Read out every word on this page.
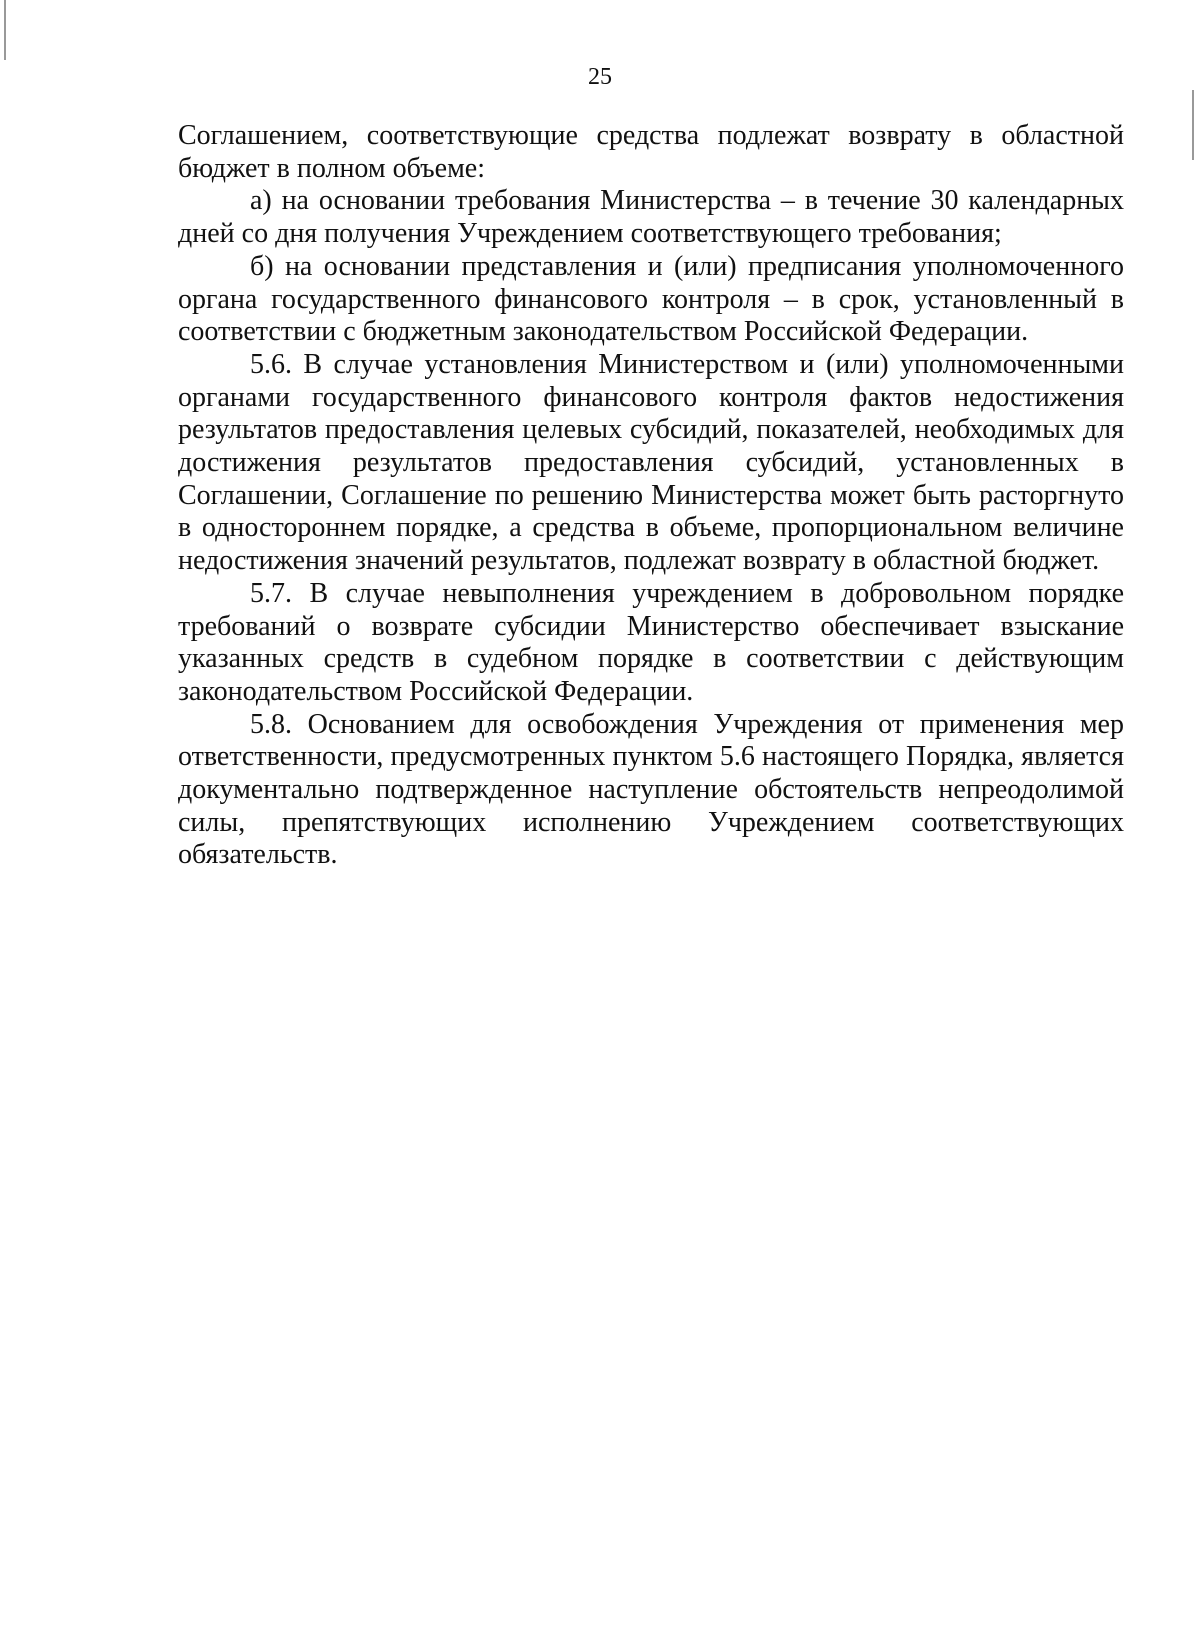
25

Соглашением, соответствующие средства подлежат возврату в областной бюджет в полном объеме:

а) на основании требования Министерства – в течение 30 календарных дней со дня получения Учреждением соответствующего требования;

б) на основании представления и (или) предписания уполномоченного органа государственного финансового контроля – в срок, установленный в соответствии с бюджетным законодательством Российской Федерации.

5.6. В случае установления Министерством и (или) уполномоченными органами государственного финансового контроля фактов недостижения результатов предоставления целевых субсидий, показателей, необходимых для достижения результатов предоставления субсидий, установленных в Соглашении, Соглашение по решению Министерства может быть расторгнуто в одностороннем порядке, а средства в объеме, пропорциональном величине недостижения значений результатов, подлежат возврату в областной бюджет.

5.7. В случае невыполнения учреждением в добровольном порядке требований о возврате субсидии Министерство обеспечивает взыскание указанных средств в судебном порядке в соответствии с действующим законодательством Российской Федерации.

5.8. Основанием для освобождения Учреждения от применения мер ответственности, предусмотренных пунктом 5.6 настоящего Порядка, является документально подтвержденное наступление обстоятельств непреодолимой силы, препятствующих исполнению Учреждением соответствующих обязательств.
